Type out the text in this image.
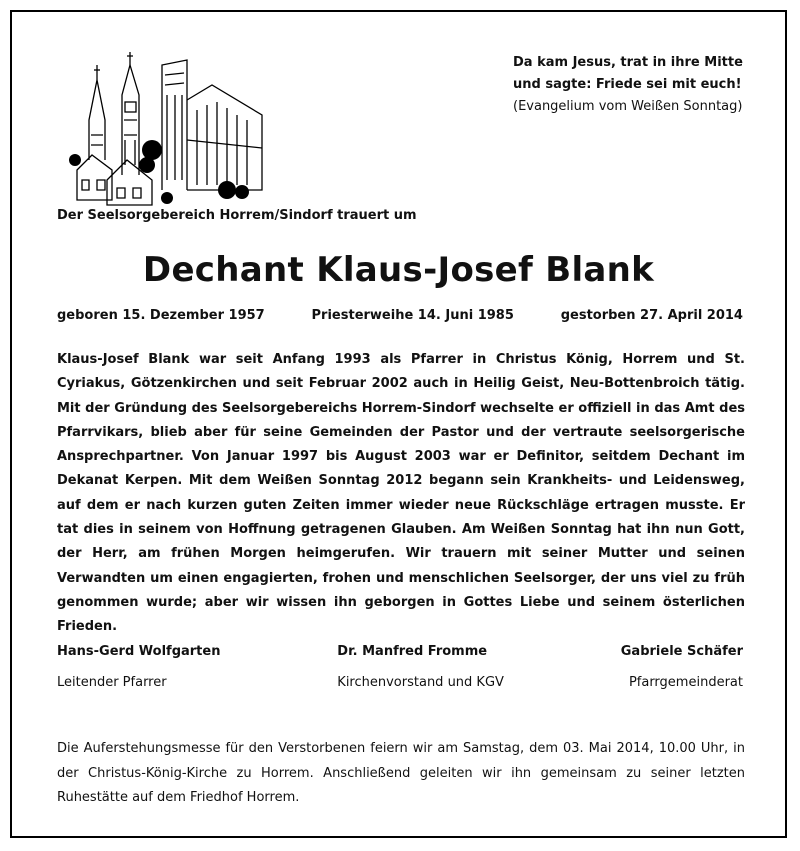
Da kam Jesus, trat in ihre Mitte
und sagte: Friede sei mit euch!
(Evangelium vom Weißen Sonntag)
Der Seelsorgebereich Horrem/Sindorf trauert um
Dechant Klaus-Josef Blank
geboren 15. Dezember 1957	Priesterweihe 14. Juni 1985	gestorben 27. April 2014
Klaus-Josef Blank war seit Anfang 1993 als Pfarrer in Christus König, Horrem und St. Cyriakus, Götzenkirchen und seit Februar 2002 auch in Heilig Geist, Neu-Bottenbroich tätig. Mit der Gründung des Seelsorgebereichs Horrem-Sindorf wechselte er offiziell in das Amt des Pfarrvikars, blieb aber für seine Gemeinden der Pastor und der vertraute seelsorgerische Ansprechpartner. Von Januar 1997 bis August 2003 war er Definitor, seitdem Dechant im Dekanat Kerpen. Mit dem Weißen Sonntag 2012 begann sein Krankheits- und Leidensweg, auf dem er nach kurzen guten Zeiten immer wieder neue Rückschläge ertragen musste. Er tat dies in seinem von Hoffnung getragenen Glauben. Am Weißen Sonntag hat ihn nun Gott, der Herr, am frühen Morgen heimgerufen. Wir trauern mit seiner Mutter und seinen Verwandten um einen engagierten, frohen und menschlichen Seelsorger, der uns viel zu früh genommen wurde; aber wir wissen ihn geborgen in Gottes Liebe und seinem österlichen Frieden.
Hans-Gerd Wolfgarten
Leitender Pfarrer
Dr. Manfred Fromme
Kirchenvorstand und KGV
Gabriele Schäfer
Pfarrgemeinderat
Die Auferstehungsmesse für den Verstorbenen feiern wir am Samstag, dem 03. Mai 2014, 10.00 Uhr, in der Christus-König-Kirche zu Horrem. Anschließend geleiten wir ihn gemeinsam zu seiner letzten Ruhestätte auf dem Friedhof Horrem.
